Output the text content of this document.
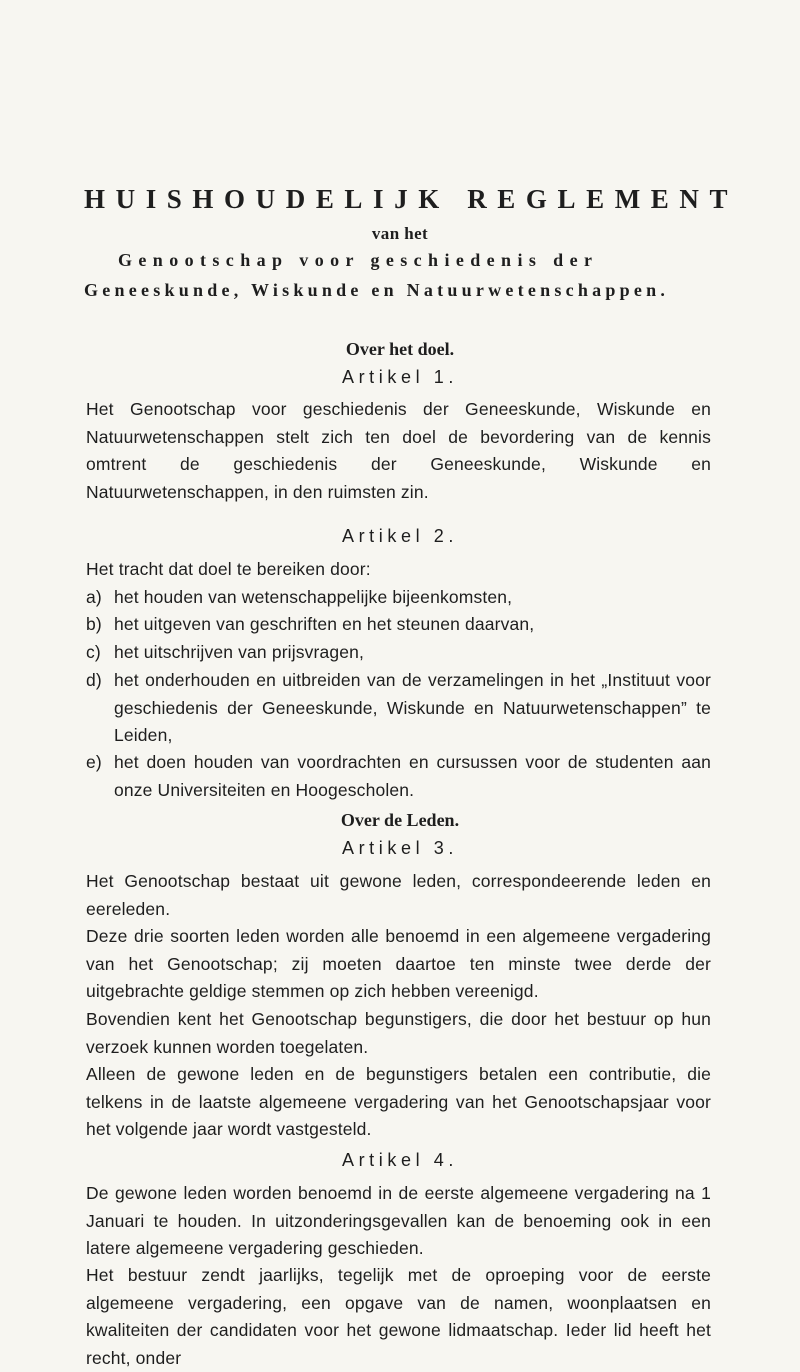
HUISHOUDELIJK REGLEMENT
van het
Genootschap voor geschiedenis der
Geneeskunde, Wiskunde en Natuurwetenschappen.
Over het doel.
Artikel 1.
Het Genootschap voor geschiedenis der Geneeskunde, Wiskunde en Natuurwetenschappen stelt zich ten doel de bevordering van de kennis omtrent de geschiedenis der Geneeskunde, Wiskunde en Natuurwetenschappen, in den ruimsten zin.
Artikel 2.
Het tracht dat doel te bereiken door:
a) het houden van wetenschappelijke bijeenkomsten,
b) het uitgeven van geschriften en het steunen daarvan,
c) het uitschrijven van prijsvragen,
d) het onderhouden en uitbreiden van de verzamelingen in het „Instituut voor geschiedenis der Geneeskunde, Wiskunde en Natuurwetenschappen” te Leiden,
e) het doen houden van voordrachten en cursussen voor de studenten aan onze Universiteiten en Hoogescholen.
Over de Leden.
Artikel 3.
Het Genootschap bestaat uit gewone leden, correspondeerende leden en eereleden.
Deze drie soorten leden worden alle benoemd in een algemeene vergadering van het Genootschap; zij moeten daartoe ten minste twee derde der uitgebrachte geldige stemmen op zich hebben vereenigd.
Bovendien kent het Genootschap begunstigers, die door het bestuur op hun verzoek kunnen worden toegelaten.
Alleen de gewone leden en de begunstigers betalen een contributie, die telkens in de laatste algemeene vergadering van het Genootschapsjaar voor het volgende jaar wordt vastgesteld.
Artikel 4.
De gewone leden worden benoemd in de eerste algemeene vergadering na 1 Januari te houden. In uitzonderingsgevallen kan de benoeming ook in een latere algemeene vergadering geschieden.
Het bestuur zendt jaarlijks, tegelijk met de oproeping voor de eerste algemeene vergadering, een opgave van de namen, woonplaatsen en kwaliteiten der candidaten voor het gewone lidmaatschap. Ieder lid heeft het recht, onder
